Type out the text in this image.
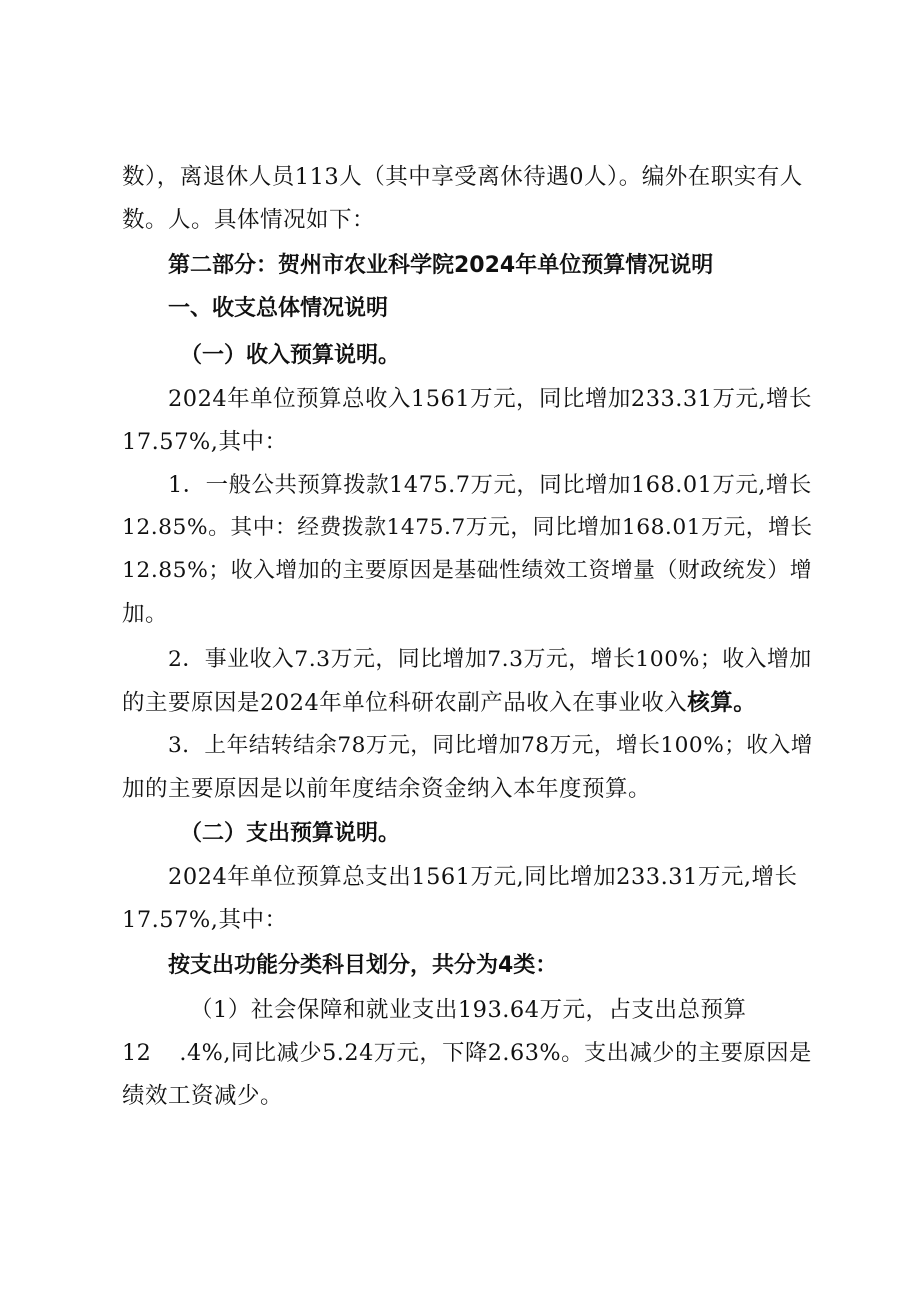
数），离退休人员113人（其中享受离休待遇0人）。编外在职实有人
数。人。具体情况如下：
第二部分：贺州市农业科学院2024年单位预算情况说明
一、收支总体情况说明
（一）收入预算说明。
2024年单位预算总收入1561万元，同比增加233.31万元,增长
17.57%,其中：
1．一般公共预算拨款1475.7万元，同比增加168.01万元,增长
12.85%。其中：经费拨款1475.7万元，同比增加168.01万元，增长
12.85%；收入增加的主要原因是基础性绩效工资增量（财政统发）增
加。
2．事业收入7.3万元，同比增加7.3万元，增长100%；收入增加
的主要原因是2024年单位科研农副产品收入在事业收入核算。
3．上年结转结余78万元，同比增加78万元，增长100%；收入增
加的主要原因是以前年度结余资金纳入本年度预算。
（二）支出预算说明。
2024年单位预算总支出1561万元,同比增加233.31万元,增长
17.57%,其中：
按支出功能分类科目划分，共分为4类：
（1）社会保障和就业支出193.64万元，占支出总预算
12 .4%,同比减少5.24万元，下降2.63%。支出减少的主要原因是
绩效工资减少。
